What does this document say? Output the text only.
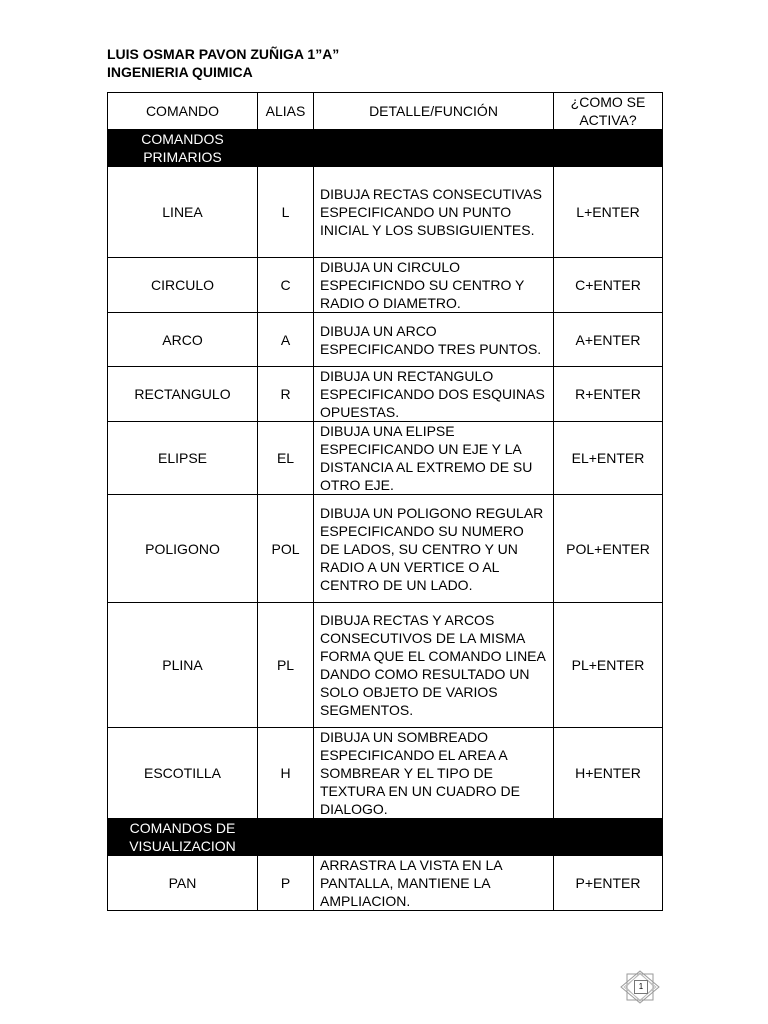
LUIS OSMAR PAVON ZUÑIGA 1”A”
INGENIERIA QUIMICA
COMANDO	ALIAS	DETALLE/FUNCIÓN	¿COMO SE ACTIVA?
COMANDOS PRIMARIOS			
LINEA	L	DIBUJA RECTAS CONSECUTIVAS ESPECIFICANDO UN PUNTO INICIAL Y LOS SUBSIGUIENTES.	L+ENTER
CIRCULO	C	DIBUJA UN CIRCULO ESPECIFICNDO SU CENTRO Y RADIO O DIAMETRO.	C+ENTER
ARCO	A	DIBUJA UN ARCO ESPECIFICANDO TRES PUNTOS.	A+ENTER
RECTANGULO	R	DIBUJA UN RECTANGULO ESPECIFICANDO DOS ESQUINAS OPUESTAS.	R+ENTER
ELIPSE	EL	DIBUJA UNA ELIPSE ESPECIFICANDO UN EJE Y LA DISTANCIA AL EXTREMO DE SU OTRO EJE.	EL+ENTER
POLIGONO	POL	DIBUJA UN POLIGONO REGULAR ESPECIFICANDO SU NUMERO DE LADOS, SU CENTRO Y UN RADIO A UN VERTICE O AL CENTRO DE UN LADO.	POL+ENTER
PLINA	PL	DIBUJA RECTAS Y ARCOS CONSECUTIVOS DE LA MISMA FORMA QUE EL COMANDO LINEA DANDO COMO RESULTADO UN SOLO OBJETO DE VARIOS SEGMENTOS.	PL+ENTER
ESCOTILLA	H	DIBUJA UN SOMBREADO ESPECIFICANDO EL AREA A SOMBREAR Y EL TIPO DE TEXTURA EN UN CUADRO DE DIALOGO.	H+ENTER
COMANDOS DE VISUALIZACION			
PAN	P	ARRASTRA LA VISTA EN LA PANTALLA, MANTIENE LA AMPLIACION.	P+ENTER
1
